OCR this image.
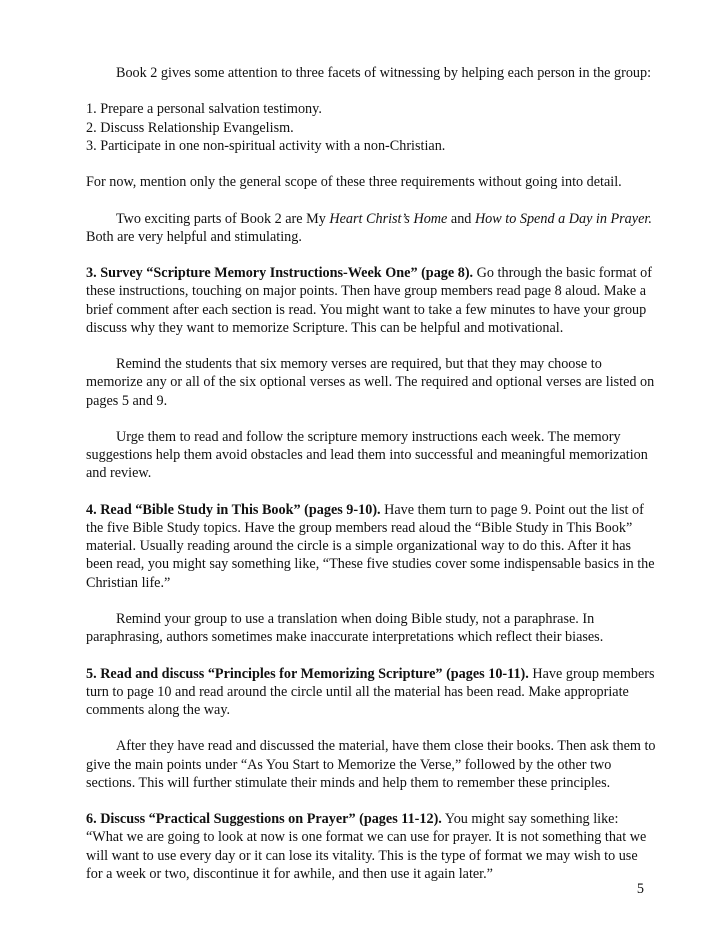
Book 2 gives some attention to three facets of witnessing by helping each person in the group:

1. Prepare a personal salvation testimony.

2. Discuss Relationship Evangelism.

3. Participate in one non-spiritual activity with a non-Christian.

For now, mention only the general scope of these three requirements without going into detail.

Two exciting parts of Book 2 are My Heart Christ’s Home and How to Spend a Day in Prayer. Both are very helpful and stimulating.

3. Survey “Scripture Memory Instructions-Week One” (page 8). Go through the basic format of these instructions, touching on major points. Then have group members read page 8 aloud. Make a brief comment after each section is read. You might want to take a few minutes to have your group discuss why they want to memorize Scripture. This can be helpful and motivational.

Remind the students that six memory verses are required, but that they may choose to memorize any or all of the six optional verses as well. The required and optional verses are listed on pages 5 and 9.

Urge them to read and follow the scripture memory instructions each week. The memory suggestions help them avoid obstacles and lead them into successful and meaningful memorization and review.

4. Read “Bible Study in This Book” (pages 9-10). Have them turn to page 9. Point out the list of the five Bible Study topics. Have the group members read aloud the “Bible Study in This Book” material. Usually reading around the circle is a simple organizational way to do this. After it has been read, you might say something like, “These five studies cover some indispensable basics in the Christian life.”

Remind your group to use a translation when doing Bible study, not a paraphrase. In paraphrasing, authors sometimes make inaccurate interpretations which reflect their biases.

5. Read and discuss “Principles for Memorizing Scripture” (pages 10-11). Have group members turn to page 10 and read around the circle until all the material has been read. Make appropriate comments along the way.

After they have read and discussed the material, have them close their books. Then ask them to give the main points under “As You Start to Memorize the Verse,” followed by the other two sections. This will further stimulate their minds and help them to remember these principles.

6. Discuss “Practical Suggestions on Prayer” (pages 11-12). You might say something like: “What we are going to look at now is one format we can use for prayer. It is not something that we will want to use every day or it can lose its vitality. This is the type of format we may wish to use for a week or two, discontinue it for awhile, and then use it again later.”

5
